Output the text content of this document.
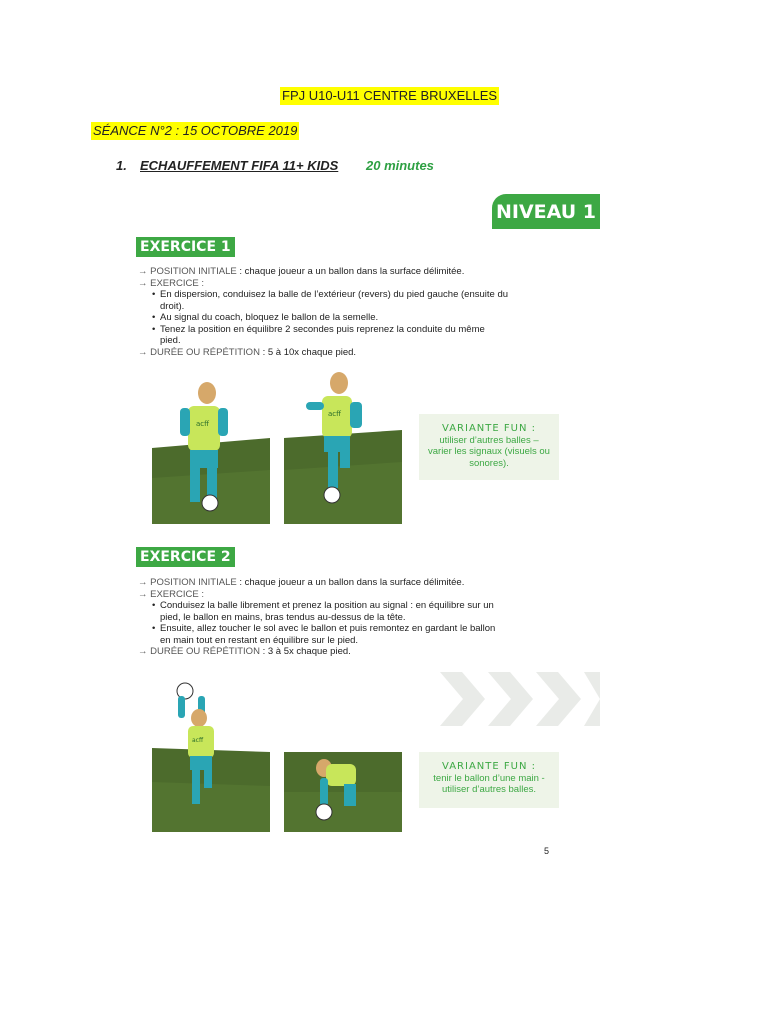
FPJ U10-U11 CENTRE BRUXELLES
SÉANCE N°2 : 15 OCTOBRE 2019
1. ECHAUFFEMENT FIFA 11+ KIDS 20 minutes
NIVEAU 1
EXERCICE 1
→ POSITION INITIALE : chaque joueur a un ballon dans la surface délimitée.
→ EXERCICE :
• En dispersion, conduisez la balle de l’extérieur (revers) du pied gauche (ensuite du droit).
• Au signal du coach, bloquez le ballon de la semelle.
• Tenez la position en équilibre 2 secondes puis reprenez la conduite du même pied.
→ DURÉE OU RÉPÉTITION : 5 à 10x chaque pied.
acff
acff
VARIANTE FUN :
utiliser d’autres balles – varier les signaux (visuels ou sonores).
EXERCICE 2
→ POSITION INITIALE : chaque joueur a un ballon dans la surface délimitée.
→ EXERCICE :
• Conduisez la balle librement et prenez la position au signal : en équilibre sur un pied, le ballon en mains, bras tendus au-dessus de la tête.
• Ensuite, allez toucher le sol avec le ballon et puis remontez en gardant le ballon en main tout en restant en équilibre sur le pied.
→ DURÉE OU RÉPÉTITION : 3 à 5x chaque pied.
acff
VARIANTE FUN :
tenir le ballon d’une main - utiliser d’autres balles.
5
